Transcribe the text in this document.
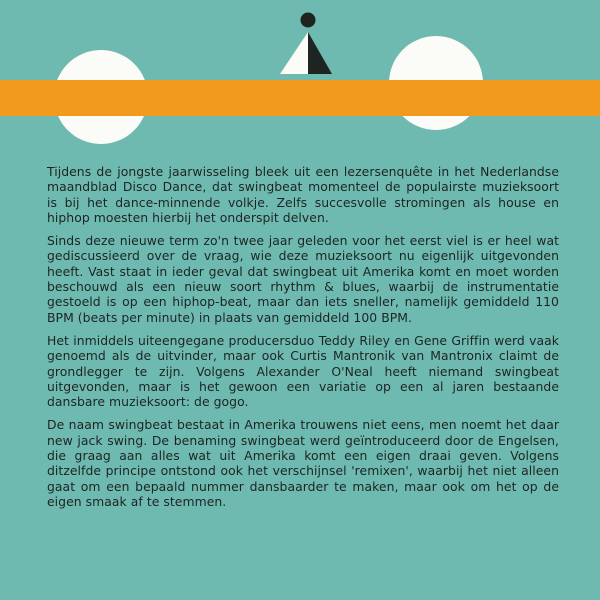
Tijdens de jongste jaarwisseling bleek uit een lezersenquête in het Nederlandse maandblad Disco Dance, dat swingbeat momenteel de populairste muzieksoort is bij het dance-minnende volkje. Zelfs succesvolle stromingen als house en hiphop moesten hierbij het onderspit delven.

Sinds deze nieuwe term zo'n twee jaar geleden voor het eerst viel is er heel wat gediscussieerd over de vraag, wie deze muzieksoort nu eigenlijk uitgevonden heeft. Vast staat in ieder geval dat swingbeat uit Amerika komt en moet worden beschouwd als een nieuw soort rhythm & blues, waarbij de instrumentatie gestoeld is op een hiphop-beat, maar dan iets sneller, namelijk gemiddeld 110 BPM (beats per minute) in plaats van gemiddeld 100 BPM.

Het inmiddels uiteengegane producersduo Teddy Riley en Gene Griffin werd vaak genoemd als de uitvinder, maar ook Curtis Mantronik van Mantronix claimt de grondlegger te zijn. Volgens Alexander O'Neal heeft niemand swingbeat uitgevonden, maar is het gewoon een variatie op een al jaren bestaande dansbare muzieksoort: de gogo.

De naam swingbeat bestaat in Amerika trouwens niet eens, men noemt het daar new jack swing. De benaming swingbeat werd geïntroduceerd door de Engelsen, die graag aan alles wat uit Amerika komt een eigen draai geven. Volgens ditzelfde principe ontstond ook het verschijnsel 'remixen', waarbij het niet alleen gaat om een bepaald nummer dansbaarder te maken, maar ook om het op de eigen smaak af te stemmen.
